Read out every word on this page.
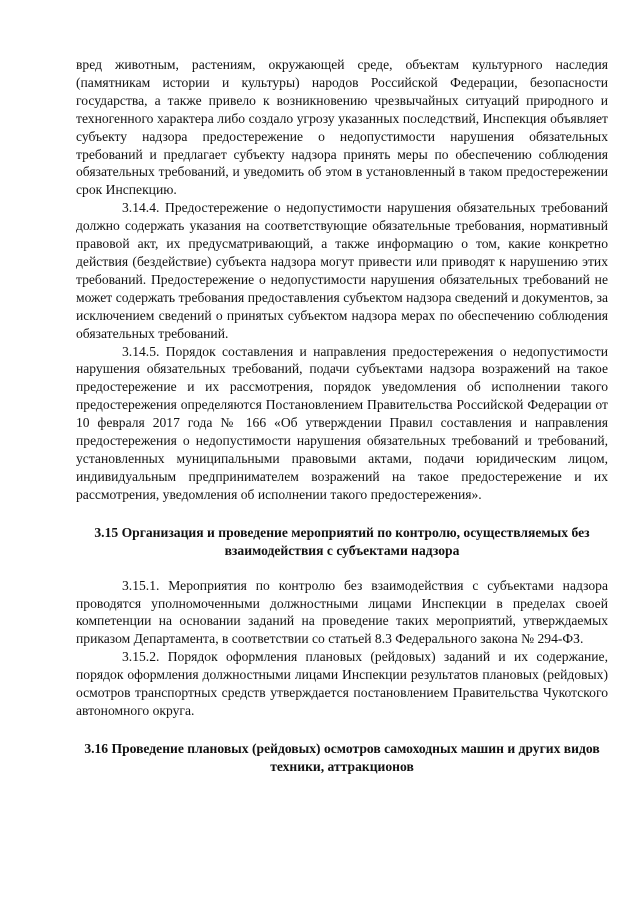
вред животным, растениям, окружающей среде, объектам культурного наследия (памятникам истории и культуры) народов Российской Федерации, безопасности государства, а также привело к возникновению чрезвычайных ситуаций природного и техногенного характера либо создало угрозу указанных последствий, Инспекция объявляет субъекту надзора предостережение о недопустимости нарушения обязательных требований и предлагает субъекту надзора принять меры по обеспечению соблюдения обязательных требований, и уведомить об этом в установленный в таком предостережении срок Инспекцию.

3.14.4. Предостережение о недопустимости нарушения обязательных требований должно содержать указания на соответствующие обязательные требования, нормативный правовой акт, их предусматривающий, а также информацию о том, какие конкретно действия (бездействие) субъекта надзора могут привести или приводят к нарушению этих требований. Предостережение о недопустимости нарушения обязательных требований не может содержать требования предоставления субъектом надзора сведений и документов, за исключением сведений о принятых субъектом надзора мерах по обеспечению соблюдения обязательных требований.

3.14.5. Порядок составления и направления предостережения о недопустимости нарушения обязательных требований, подачи субъектами надзора возражений на такое предостережение и их рассмотрения, порядок уведомления об исполнении такого предостережения определяются Постановлением Правительства Российской Федерации от 10 февраля 2017 года № 166 «Об утверждении Правил составления и направления предостережения о недопустимости нарушения обязательных требований и требований, установленных муниципальными правовыми актами, подачи юридическим лицом, индивидуальным предпринимателем возражений на такое предостережение и их рассмотрения, уведомления об исполнении такого предостережения».

3.15 Организация и проведение мероприятий по контролю, осуществляемых без взаимодействия с субъектами надзора

3.15.1. Мероприятия по контролю без взаимодействия с субъектами надзора проводятся уполномоченными должностными лицами Инспекции в пределах своей компетенции на основании заданий на проведение таких мероприятий, утверждаемых приказом Департамента, в соответствии со статьей 8.3 Федерального закона № 294-ФЗ.

3.15.2. Порядок оформления плановых (рейдовых) заданий и их содержание, порядок оформления должностными лицами Инспекции результатов плановых (рейдовых) осмотров транспортных средств утверждается постановлением Правительства Чукотского автономного округа.

3.16 Проведение плановых (рейдовых) осмотров самоходных машин и других видов техники, аттракционов
